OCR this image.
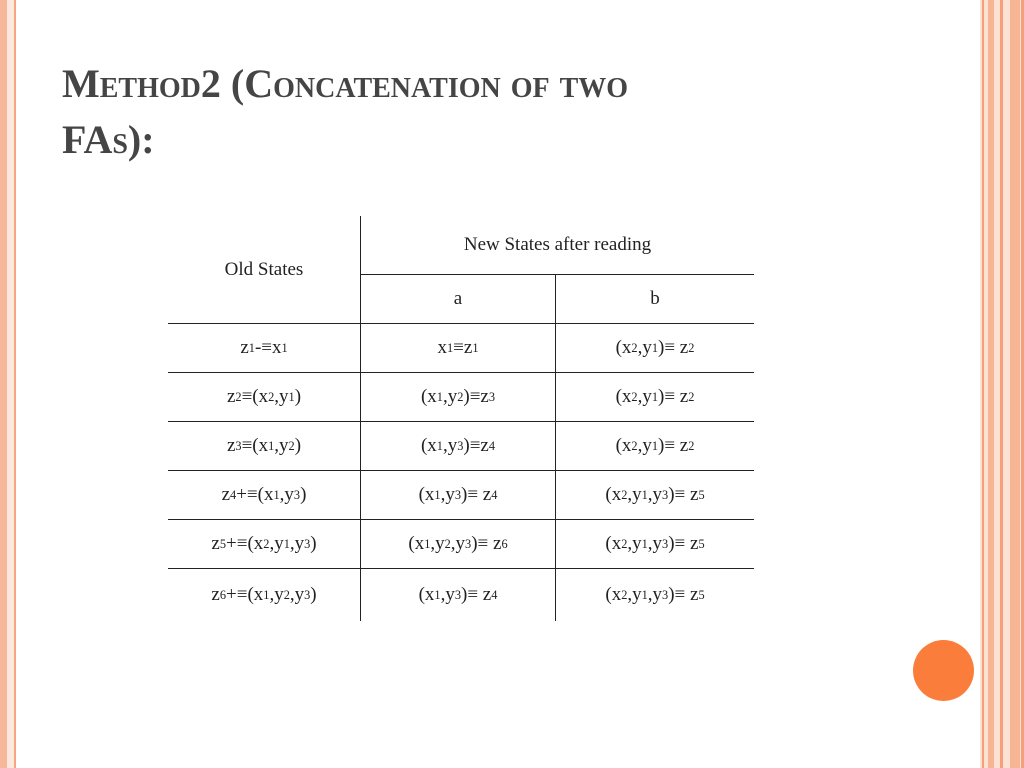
Method2 (Concatenation of two
FAs):
Old States
New States after reading
a	b
z 1 -≡x 1	x 1 ≡z 1	(x 2 ,y 1 )≡ z 2
z 2 ≡(x 2 ,y 1 )	(x 1 ,y 2 )≡z 3	(x 2 ,y 1 )≡ z 2
z 3 ≡(x 1 ,y 2 )	(x 1 ,y 3 )≡z 4	(x 2 ,y 1 )≡ z 2
z 4 +≡(x 1 ,y 3 )	(x 1 ,y 3 )≡ z 4	(x 2 ,y 1 ,y 3 )≡ z 5
z 5 +≡(x 2 ,y 1 ,y 3 )	(x 1 ,y 2 ,y 3 )≡ z 6	(x 2 ,y 1 ,y 3 )≡ z 5
z 6 +≡(x 1 ,y 2 ,y 3 )	(x 1 ,y 3 )≡ z 4	(x 2 ,y 1 ,y 3 )≡ z 5
